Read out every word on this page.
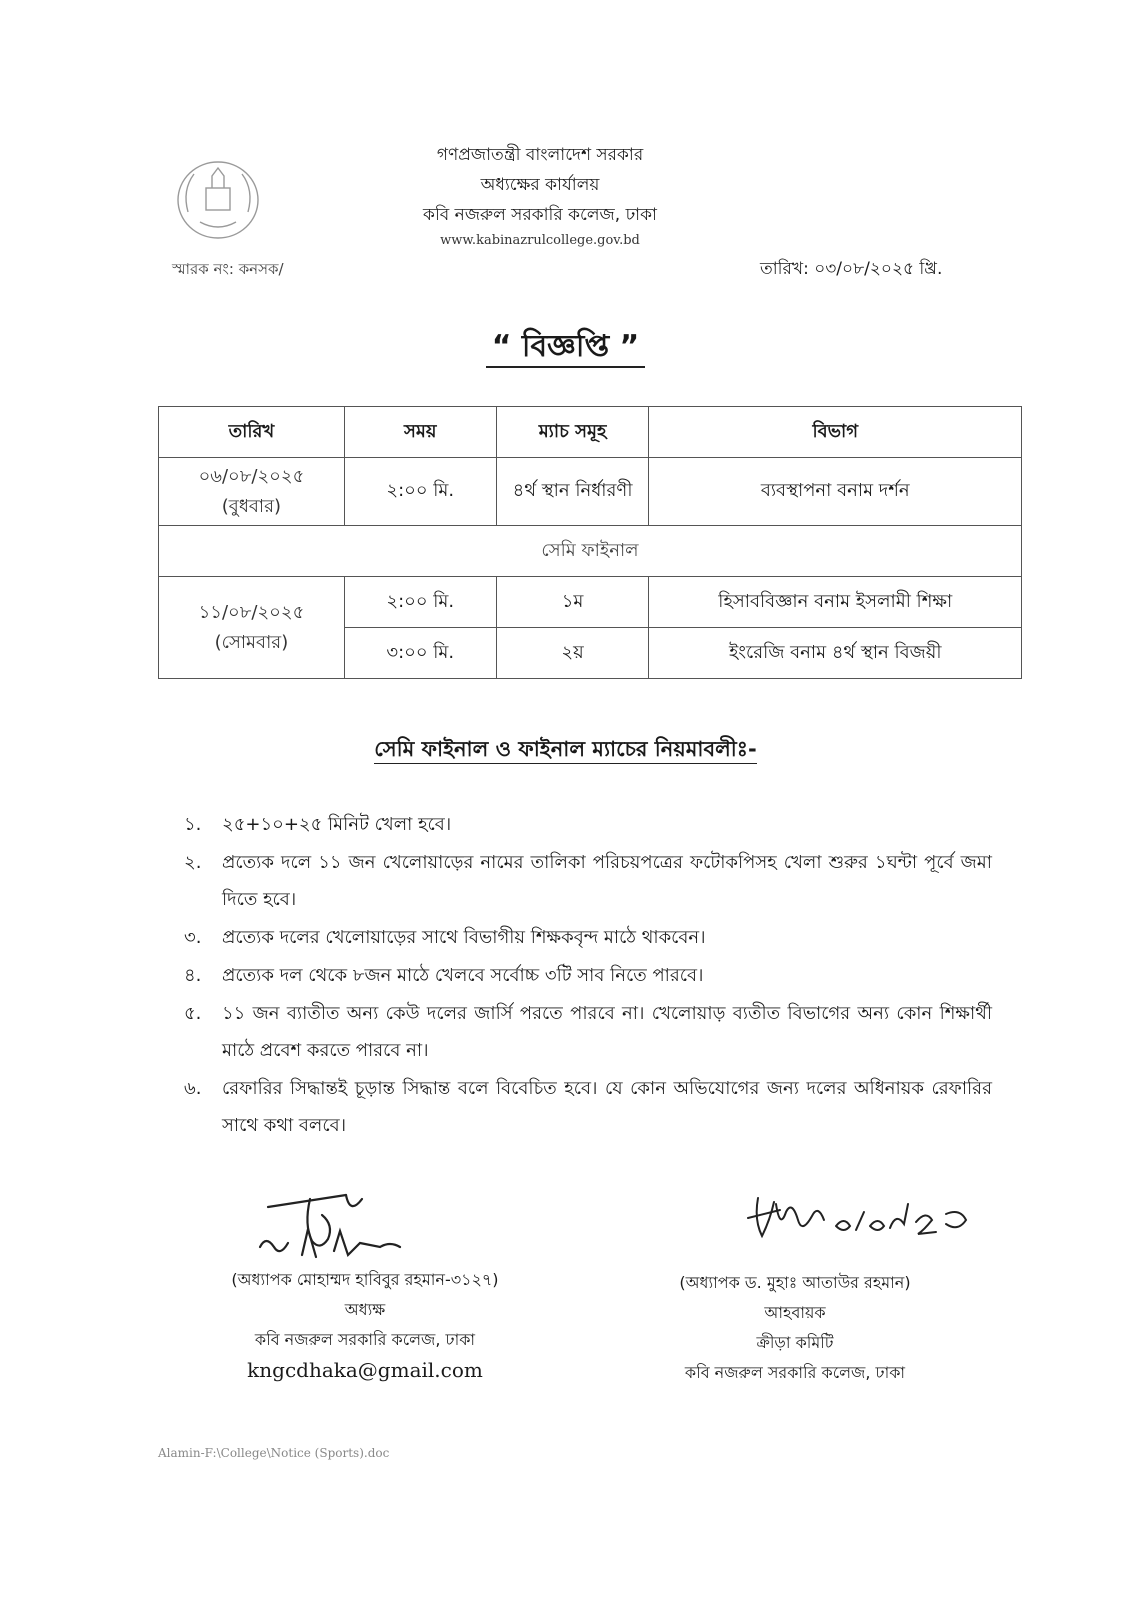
গণপ্রজাতন্ত্রী বাংলাদেশ সরকার
অধ্যক্ষের কার্যালয়
কবি নজরুল সরকারি কলেজ, ঢাকা
www.kabinazrulcollege.gov.bd
স্মারক নং: কনসক/	তারিখ: ০৩/০৮/২০২৫ খ্রি.
“ বিজ্ঞপ্তি ”
তারিখ	সময়	ম্যাচ সমূহ	বিভাগ

০৬/০৮/২০২৫
(বুধবার)	২:০০ মি.	৪র্থ স্থান নির্ধারণী	ব্যবস্থাপনা বনাম দর্শন
সেমি ফাইনাল			

১১/০৮/২০২৫
(সোমবার)	২:০০ মি.	১ম	হিসাববিজ্ঞান বনাম ইসলামী শিক্ষা
	৩:০০ মি.	২য়	ইংরেজি বনাম ৪র্থ স্থান বিজয়ী
সেমি ফাইনাল ও ফাইনাল ম্যাচের নিয়মাবলীঃ-
১.	২৫+১০+২৫ মিনিট খেলা হবে।
২.	প্রত্যেক দলে ১১ জন খেলোয়াড়ের নামের তালিকা পরিচয়পত্রের ফটোকপিসহ খেলা শুরুর ১ঘন্টা পূর্বে জমা দিতে হবে।
৩.	প্রত্যেক দলের খেলোয়াড়ের সাথে বিভাগীয় শিক্ষকবৃন্দ মাঠে থাকবেন।
৪.	প্রত্যেক দল থেকে ৮জন মাঠে খেলবে সর্বোচ্চ ৩টি সাব নিতে পারবে।
৫.	১১ জন ব্যাতীত অন্য কেউ দলের জার্সি পরতে পারবে না। খেলোয়াড় ব্যতীত বিভাগের অন্য কোন শিক্ষার্থী মাঠে প্রবেশ করতে পারবে না।
৬.	রেফারির সিদ্ধান্তই চূড়ান্ত সিদ্ধান্ত বলে বিবেচিত হবে। যে কোন অভিযোগের জন্য দলের অধিনায়ক রেফারির সাথে কথা বলবে।
(অধ্যাপক মোহাম্মদ হাবিবুর রহমান-৩১২৭)
অধ্যক্ষ
কবি নজরুল সরকারি কলেজ, ঢাকা
kngcdhaka@gmail.com
(অধ্যাপক ড. মুহাঃ আতাউর রহমান)
আহবায়ক
ক্রীড়া কমিটি
কবি নজরুল সরকারি কলেজ, ঢাকা
Alamin-F:\College\Notice (Sports).doc
